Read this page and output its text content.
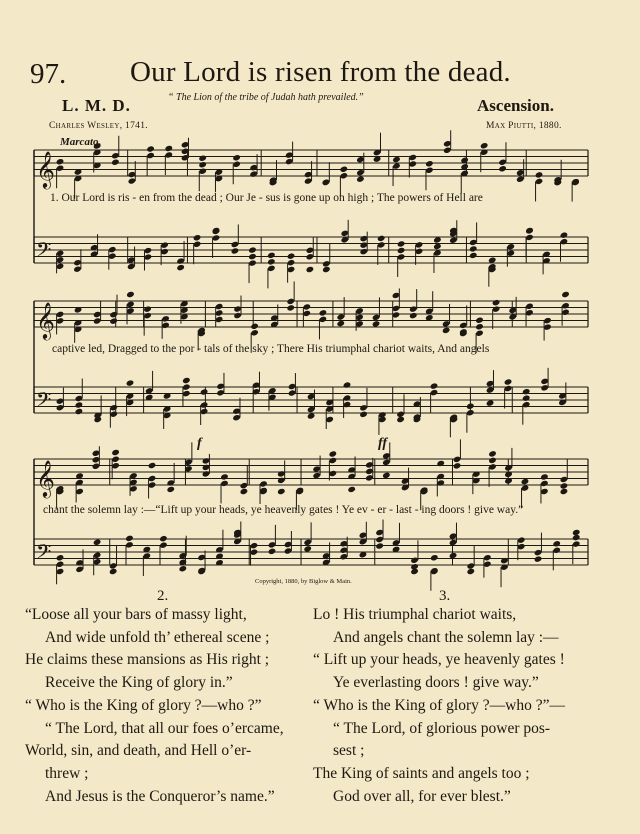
𝄞
𝄢
𝄞
𝄢
𝄞
𝄢
97. Our Lord is risen from the dead.
“ The Lion of the tribe of Judah hath prevailed.”
L. M. D.	Ascension.
Charles Wesley, 1741.	Max Piutti, 1880.
Marcato.
1. Our Lord is ris - en from the dead ; Our Je - sus is gone up on high ; The powers of Hell are
captive led, Dragged to the por - tals of the sky ; There His triumphal chariot waits, And angels
chant the solemn lay :—“Lift up your heads, ye heavenly gates ! Ye ev - er - last - ing doors ! give way.”
f	ff
Copyright, 1880, by Biglow & Main.
2.	3.
“Loose all your bars of massy light,
And wide unfold th’ ethereal scene ;
He claims these mansions as His right ;
Receive the King of glory in.”
“ Who is the King of glory ?—who ?”
“ The Lord, that all our foes o’ercame,
World, sin, and death, and Hell o’er-
threw ;
And Jesus is the Conqueror’s name.”
Lo ! His triumphal chariot waits,
And angels chant the solemn lay :—
“ Lift up your heads, ye heavenly gates !
Ye everlasting doors ! give way.”
“ Who is the King of glory ?—who ?”—
“ The Lord, of glorious power pos-
sest ;
The King of saints and angels too ;
God over all, for ever blest.”
